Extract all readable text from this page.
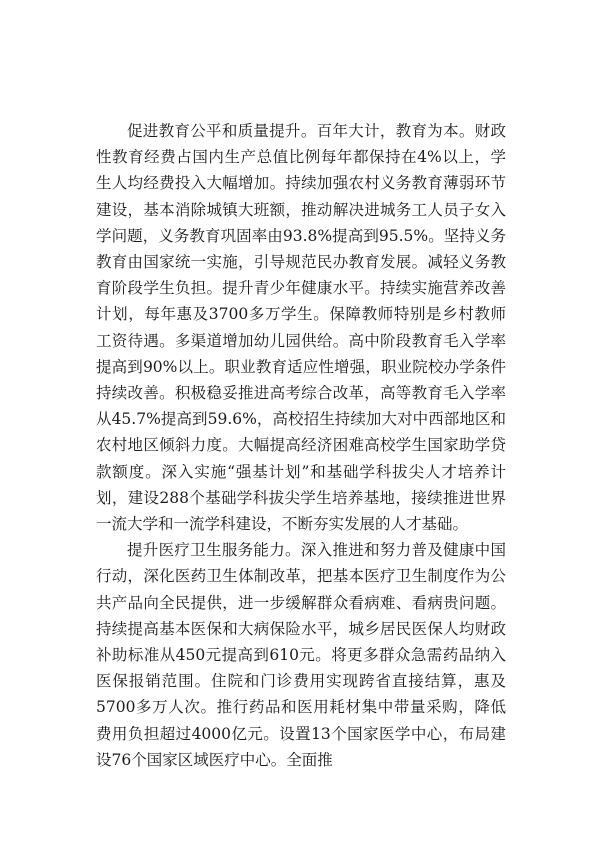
促进教育公平和质量提升。百年大计，教育为本。财政性教育经费占国内生产总值比例每年都保持在4%以上，学生人均经费投入大幅增加。持续加强农村义务教育薄弱环节建设，基本消除城镇大班额，推动解决进城务工人员子女入学问题，义务教育巩固率由93.8%提高到95.5%。坚持义务教育由国家统一实施，引导规范民办教育发展。减轻义务教育阶段学生负担。提升青少年健康水平。持续实施营养改善计划，每年惠及3700多万学生。保障教师特别是乡村教师工资待遇。多渠道增加幼儿园供给。高中阶段教育毛入学率提高到90%以上。职业教育适应性增强，职业院校办学条件持续改善。积极稳妥推进高考综合改革，高等教育毛入学率从45.7%提高到59.6%，高校招生持续加大对中西部地区和农村地区倾斜力度。大幅提高经济困难高校学生国家助学贷款额度。深入实施“强基计划”和基础学科拔尖人才培养计划，建设288个基础学科拔尖学生培养基地，接续推进世界一流大学和一流学科建设，不断夯实发展的人才基础。

提升医疗卫生服务能力。深入推进和努力普及健康中国行动，深化医药卫生体制改革，把基本医疗卫生制度作为公共产品向全民提供，进一步缓解群众看病难、看病贵问题。持续提高基本医保和大病保险水平，城乡居民医保人均财政补助标准从450元提高到610元。将更多群众急需药品纳入医保报销范围。住院和门诊费用实现跨省直接结算，惠及5700多万人次。推行药品和医用耗材集中带量采购，降低费用负担超过4000亿元。设置13个国家医学中心，布局建设76个国家区域医疗中心。全面推
